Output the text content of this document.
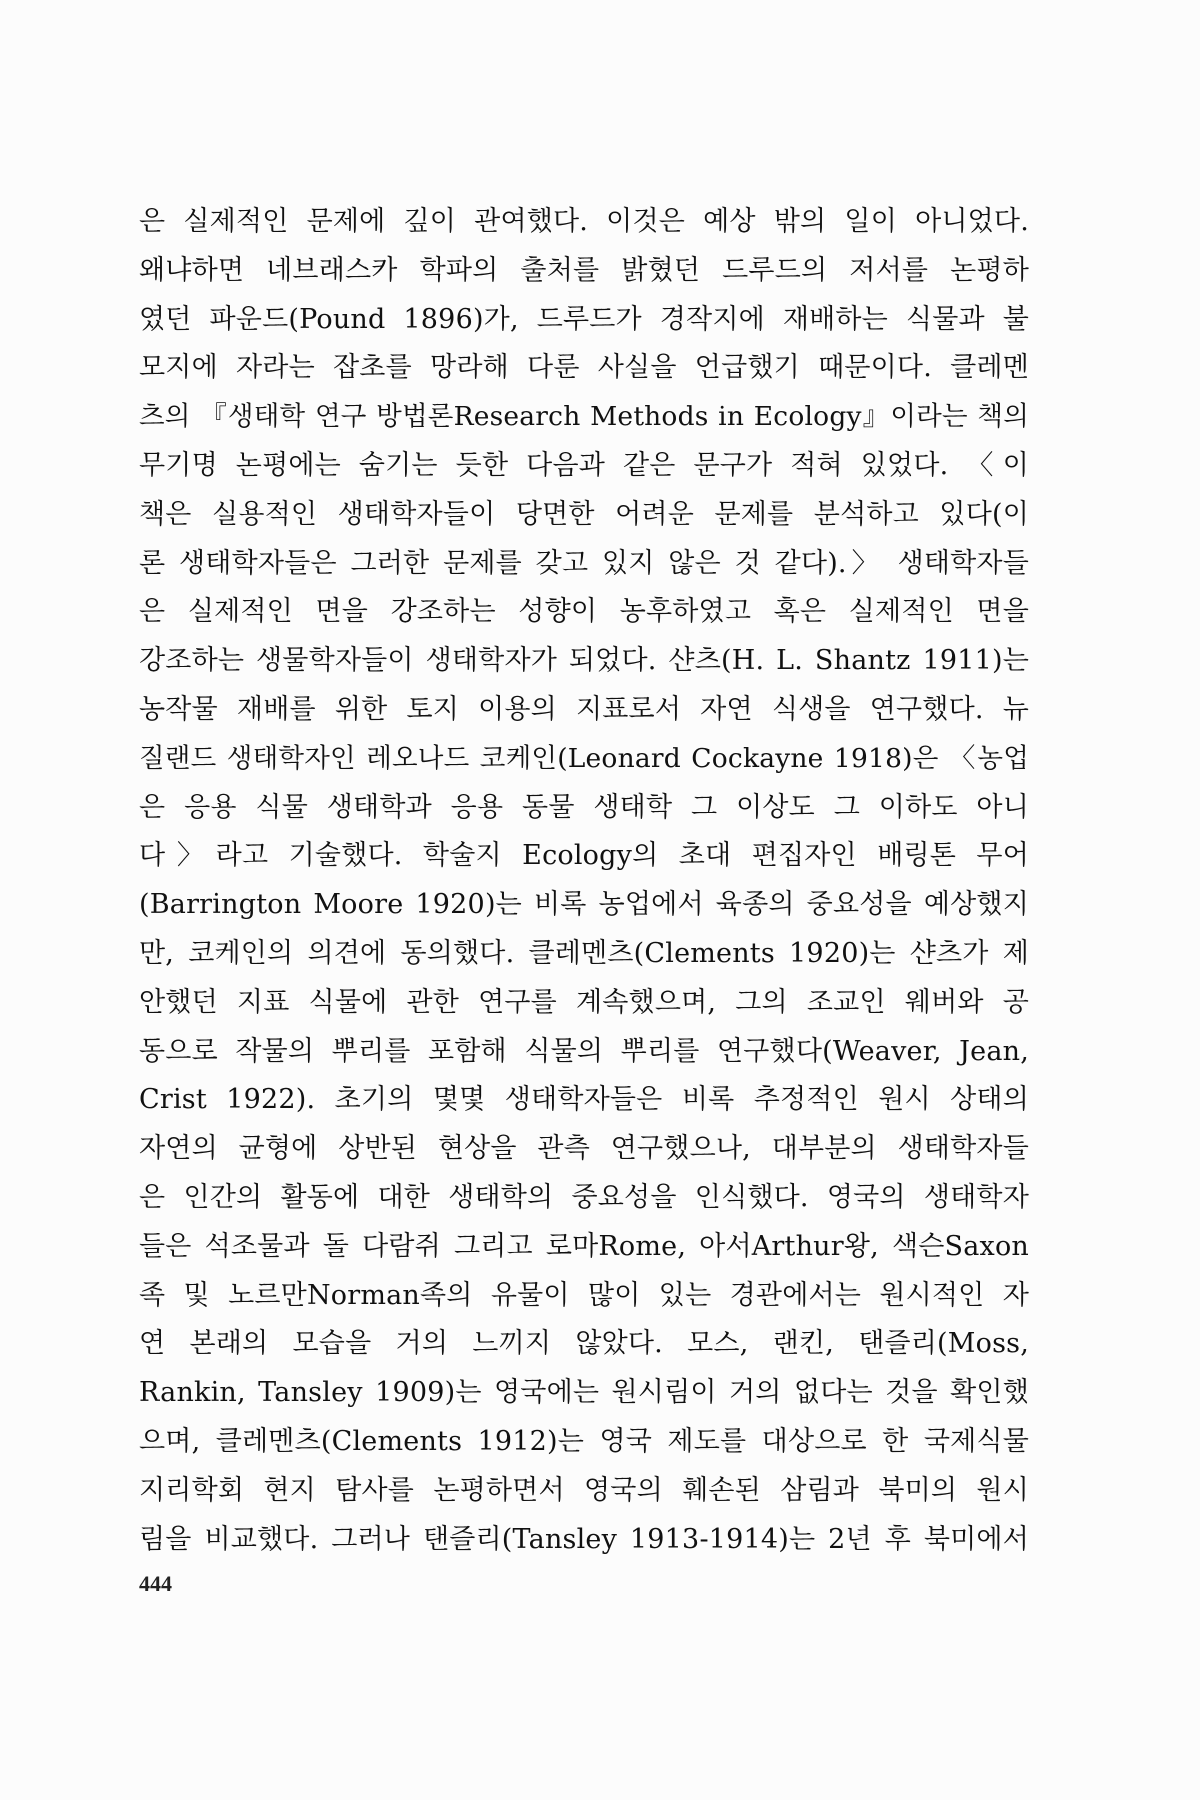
은 실제적인 문제에 깊이 관여했다. 이것은 예상 밖의 일이 아니었다.
왜냐하면 네브래스카 학파의 출처를 밝혔던 드루드의 저서를 논평하
였던 파운드(Pound 1896)가, 드루드가 경작지에 재배하는 식물과 불
모지에 자라는 잡초를 망라해 다룬 사실을 언급했기 때문이다. 클레멘
츠의 『생태학 연구 방법론Research Methods in Ecology』이라는 책의
무기명 논평에는 숨기는 듯한 다음과 같은 문구가 적혀 있었다. 〈이
책은 실용적인 생태학자들이 당면한 어려운 문제를 분석하고 있다(이
론 생태학자들은 그러한 문제를 갖고 있지 않은 것 같다).〉 생태학자들
은 실제적인 면을 강조하는 성향이 농후하였고 혹은 실제적인 면을
강조하는 생물학자들이 생태학자가 되었다. 샨츠(H. L. Shantz 1911)는
농작물 재배를 위한 토지 이용의 지표로서 자연 식생을 연구했다. 뉴
질랜드 생태학자인 레오나드 코케인(Leonard Cockayne 1918)은 〈농업
은 응용 식물 생태학과 응용 동물 생태학 그 이상도 그 이하도 아니
다〉라고 기술했다. 학술지 Ecology의 초대 편집자인 배링톤 무어
(Barrington Moore 1920)는 비록 농업에서 육종의 중요성을 예상했지
만, 코케인의 의견에 동의했다. 클레멘츠(Clements 1920)는 샨츠가 제
안했던 지표 식물에 관한 연구를 계속했으며, 그의 조교인 웨버와 공
동으로 작물의 뿌리를 포함해 식물의 뿌리를 연구했다(Weaver, Jean,
Crist 1922). 초기의 몇몇 생태학자들은 비록 추정적인 원시 상태의
자연의 균형에 상반된 현상을 관측 연구했으나, 대부분의 생태학자들
은 인간의 활동에 대한 생태학의 중요성을 인식했다. 영국의 생태학자
들은 석조물과 돌 다람쥐 그리고 로마Rome, 아서Arthur왕, 색슨Saxon
족 및 노르만Norman족의 유물이 많이 있는 경관에서는 원시적인 자
연 본래의 모습을 거의 느끼지 않았다. 모스, 랜킨, 탠즐리(Moss,
Rankin, Tansley 1909)는 영국에는 원시림이 거의 없다는 것을 확인했
으며, 클레멘츠(Clements 1912)는 영국 제도를 대상으로 한 국제식물
지리학회 현지 탐사를 논평하면서 영국의 훼손된 삼림과 북미의 원시
림을 비교했다. 그러나 탠즐리(Tansley 1913-1914)는 2년 후 북미에서
444
